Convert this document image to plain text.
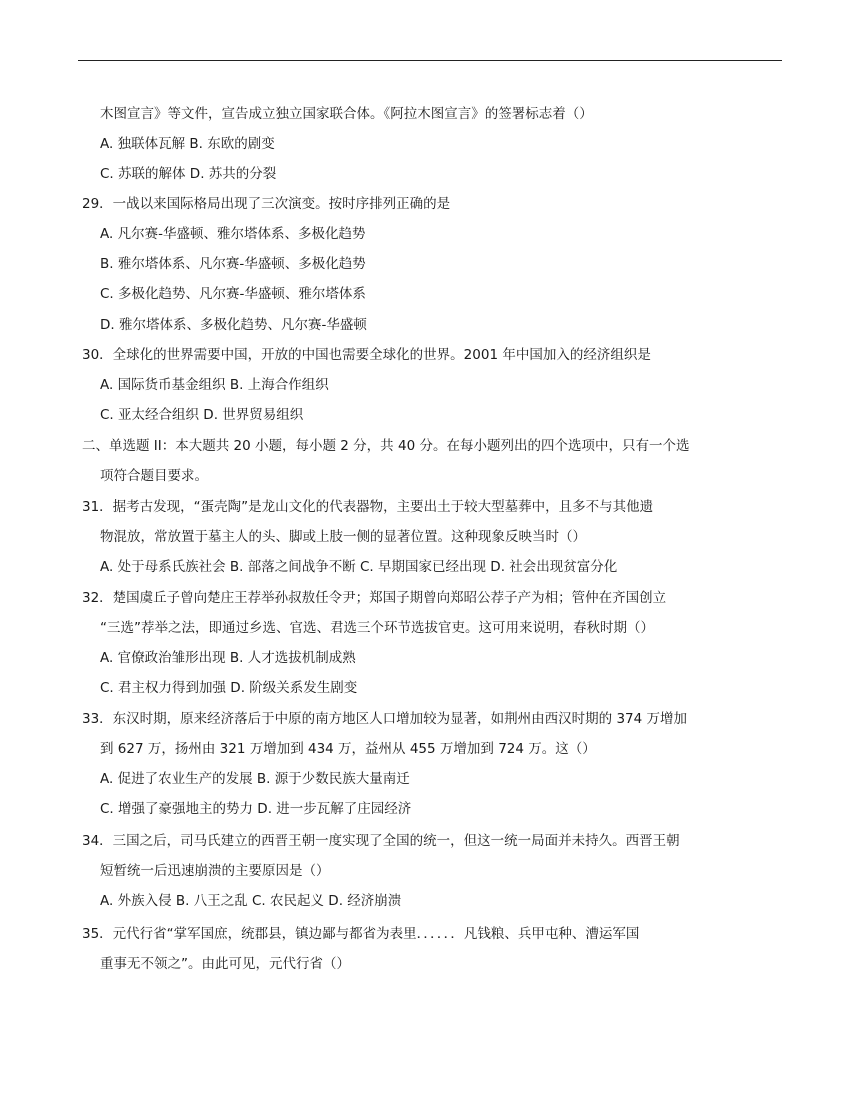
木图宣言》等文件，宣告成立独立国家联合体。《阿拉木图宣言》的签署标志着（）
A. 独联体瓦解 B. 东欧的剧变
C. 苏联的解体 D. 苏共的分裂
29．一战以来国际格局出现了三次演变。按时序排列正确的是
A. 凡尔赛-华盛顿、雅尔塔体系、多极化趋势
B. 雅尔塔体系、凡尔赛-华盛顿、多极化趋势
C. 多极化趋势、凡尔赛-华盛顿、雅尔塔体系
D. 雅尔塔体系、多极化趋势、凡尔赛-华盛顿
30．全球化的世界需要中国，开放的中国也需要全球化的世界。2001 年中国加入的经济组织是
A. 国际货币基金组织 B. 上海合作组织
C. 亚太经合组织 D. 世界贸易组织
二、单选题 II：本大题共 20 小题，每小题 2 分，共 40 分。在每小题列出的四个选项中，只有一个选
项符合题目要求。
31．据考古发现，“蛋壳陶”是龙山文化的代表器物，主要出土于较大型墓葬中，且多不与其他遗
物混放，常放置于墓主人的头、脚或上肢一侧的显著位置。这种现象反映当时（）
A. 处于母系氏族社会 B. 部落之间战争不断 C. 早期国家已经出现 D. 社会出现贫富分化
32．楚国虞丘子曾向楚庄王荐举孙叔敖任令尹；郑国子期曾向郑昭公荐子产为相；管仲在齐国创立
“三选”荐举之法，即通过乡选、官选、君选三个环节选拔官吏。这可用来说明，春秋时期（）
A. 官僚政治雏形出现 B. 人才选拔机制成熟
C. 君主权力得到加强 D. 阶级关系发生剧变
33．东汉时期，原来经济落后于中原的南方地区人口增加较为显著，如荆州由西汉时期的 374 万增加
到 627 万，扬州由 321 万增加到 434 万，益州从 455 万增加到 724 万。这（）
A. 促进了农业生产的发展 B. 源于少数民族大量南迁
C. 增强了豪强地主的势力 D. 进一步瓦解了庄园经济
34．三国之后，司马氏建立的西晋王朝一度实现了全国的统一，但这一统一局面并未持久。西晋王朝
短暂统一后迅速崩溃的主要原因是（）
A. 外族入侵 B. 八王之乱 C. 农民起义 D. 经济崩溃
35．元代行省“掌军国庶，统郡县，镇边鄙与都省为表里．．．．．．凡钱粮、兵甲屯种、漕运军国
重事无不领之”。由此可见，元代行省（）
